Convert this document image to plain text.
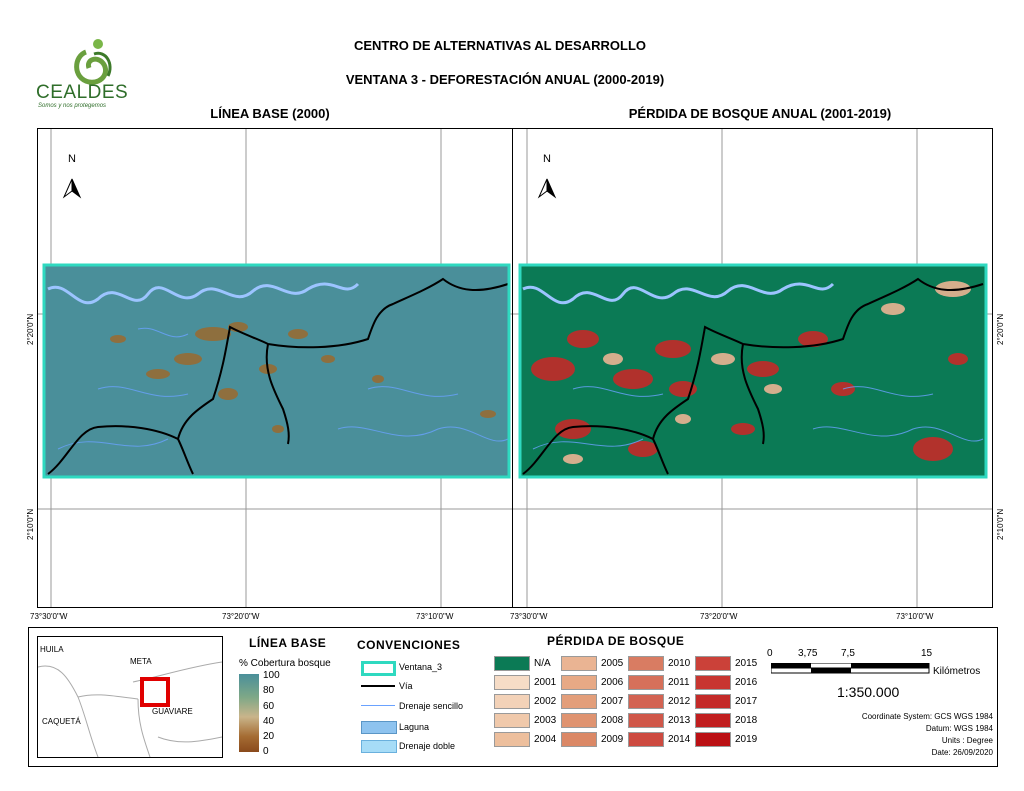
CEALDES
Somos y nos protegemos
CENTRO DE ALTERNATIVAS AL DESARROLLO
VENTANA 3 - DEFORESTACIÓN ANUAL (2000-2019)
LÍNEA BASE (2000)	PÉRDIDA DE BOSQUE ANUAL (2001-2019)
N	N
73°30'0"W	73°20'0"W	73°10'0"W	73°30'0"W	73°20'0"W	73°10'0"W
2°20'0"N
2°10'0"N
2°20'0"N
2°10'0"N
HUILA
META
CAQUETÁ
GUAVIARE
LÍNEA BASE
% Cobertura bosque
100
80
60
40
20
0
CONVENCIONES
Ventana_3
Vía
Drenaje sencillo
Laguna
Drenaje doble
PÉRDIDA DE BOSQUE
N/A
2001
2002
2003
2004
2005
2006
2007
2008
2009
2010
2011
2012
2013
2014
2015
2016
2017
2018
2019
0	3,75 7,5	15
Kilómetros
1:350.000
Coordinate System: GCS WGS 1984
Datum: WGS 1984
Units : Degree
Date: 26/09/2020
